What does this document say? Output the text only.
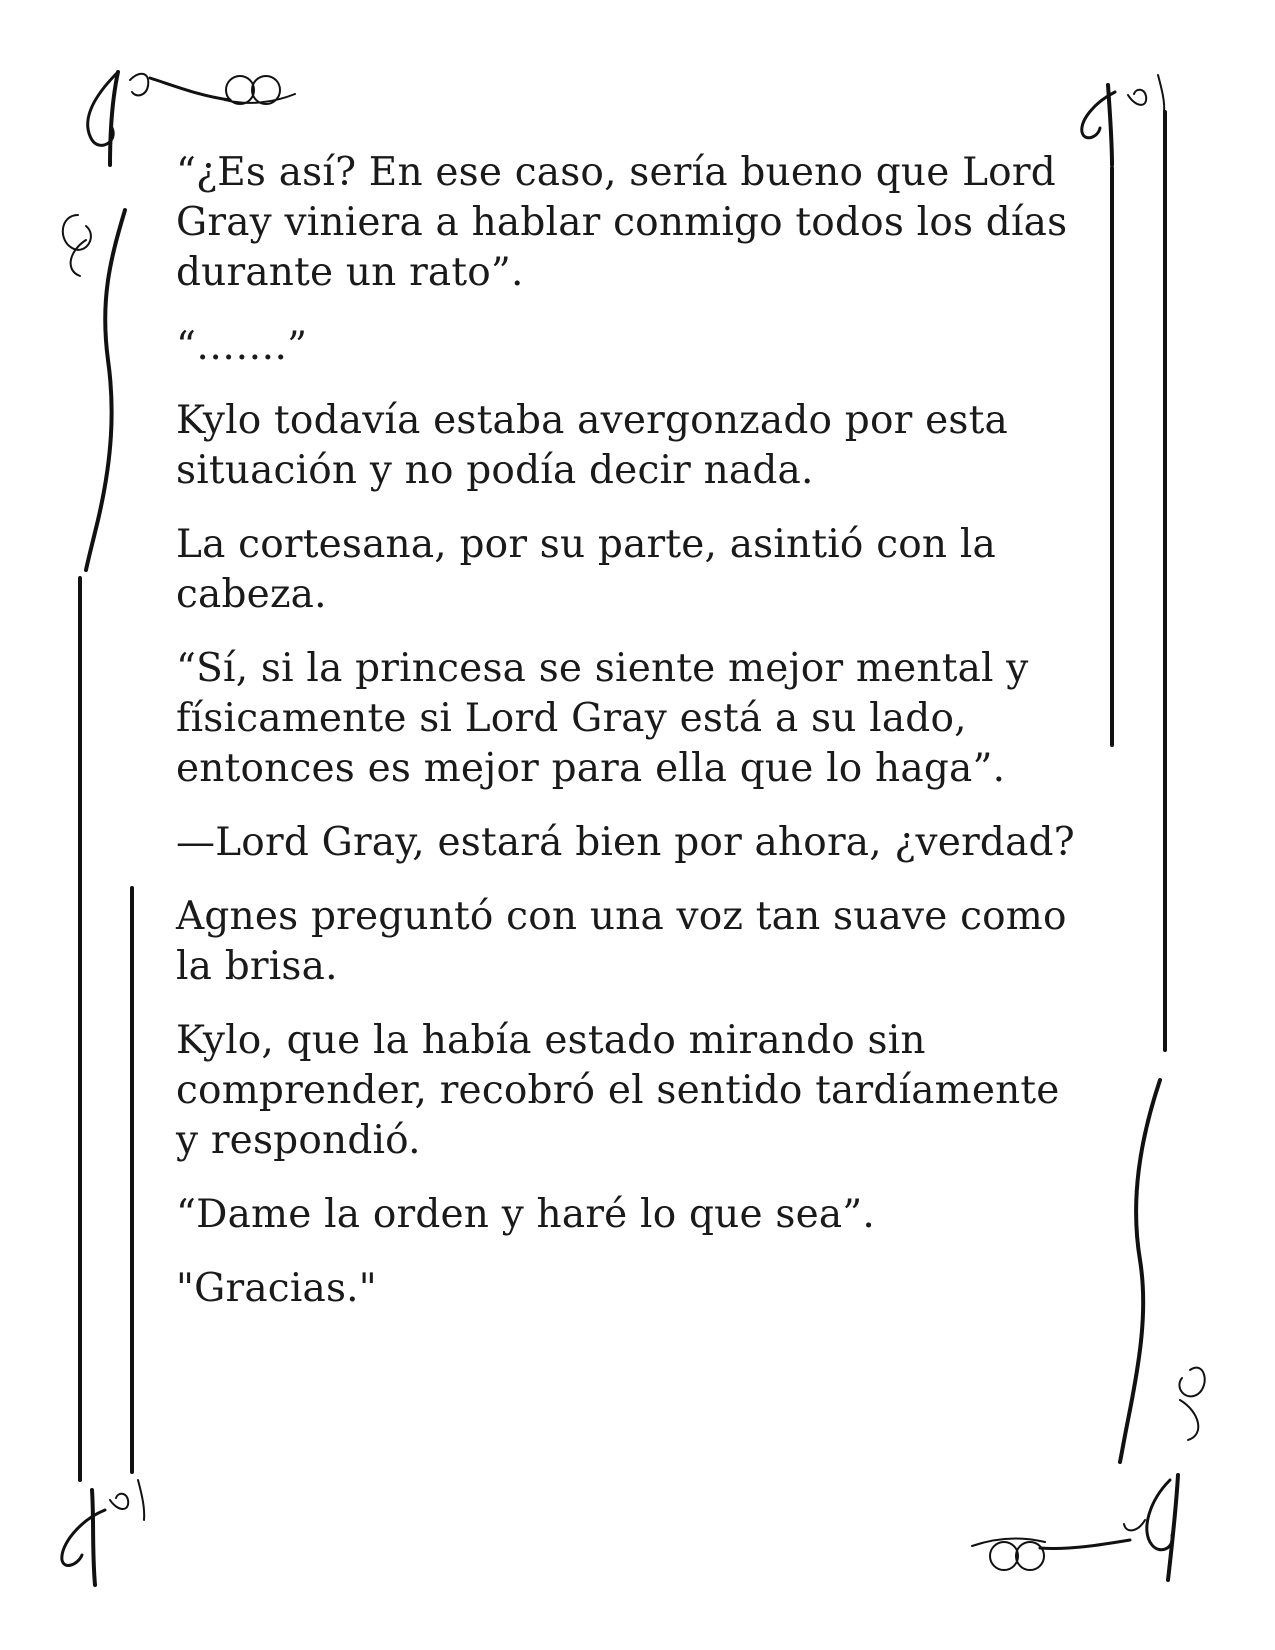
“¿Es así? En ese caso, sería bueno que Lord Gray viniera a hablar conmigo todos los días durante un rato”.

“…….”

Kylo todavía estaba avergonzado por esta situación y no podía decir nada.

La cortesana, por su parte, asintió con la cabeza.

“Sí, si la princesa se siente mejor mental y físicamente si Lord Gray está a su lado, entonces es mejor para ella que lo haga”.

—Lord Gray, estará bien por ahora, ¿verdad?

Agnes preguntó con una voz tan suave como la brisa.

Kylo, que la había estado mirando sin comprender, recobró el sentido tardíamente y respondió.

“Dame la orden y haré lo que sea”.

"Gracias."
